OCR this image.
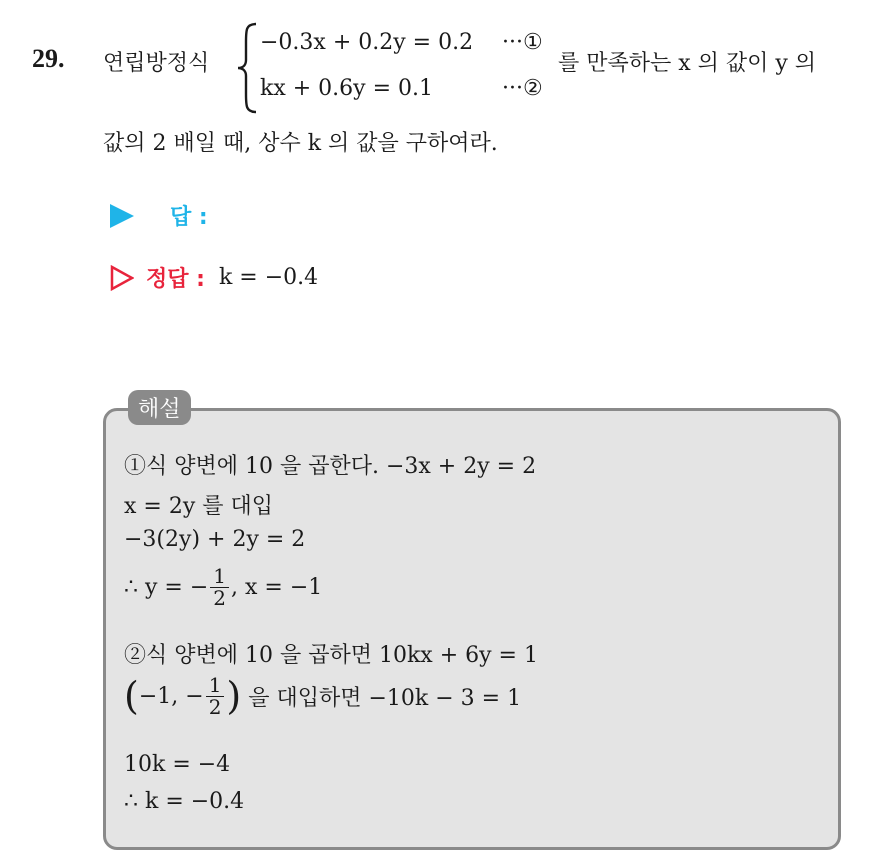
29. 연립방정식
−0.3x + 0.2y = 0.2 ···①
kx + 0.6y = 0.1	···②
를 만족하는 x 의 값이 y 의
값의 2 배일 때, 상수 k 의 값을 구하여라.
답 :
정답 : k = −0.4
해설
①식 양변에 10 을 곱한다. −3x + 2y = 2
x = 2y 를 대입
−3(2y) + 2y = 2
∴ y = − $\frac{1}{2}$ , x = −1
②식 양변에 10 을 곱하면 10kx + 6y = 1
( −1, − $\frac{1}{2}$ ) 을 대입하면 −10k − 3 = 1
10k = −4
∴ k = −0.4
